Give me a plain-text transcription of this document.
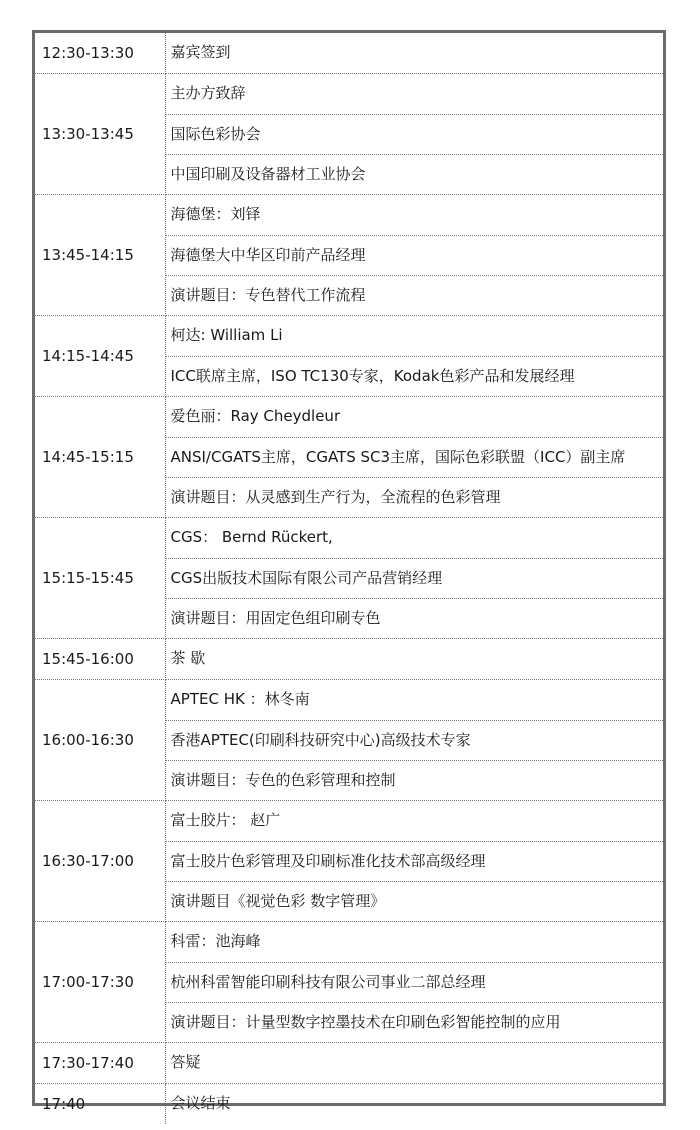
12:30-13:30	嘉宾签到

13:30-13:45	主办方致辞
国际色彩协会
中国印刷及设备器材工业协会

13:45-14:15	海德堡：刘铎
海德堡大中华区印前产品经理
演讲题目：专色替代工作流程

14:15-14:45	柯达: William Li
ICC联席主席，ISO TC130专家，Kodak色彩产品和发展经理

14:45-15:15	爱色丽：Ray Cheydleur
ANSI/CGATS主席，CGATS SC3主席，国际色彩联盟（ICC）副主席
演讲题目：从灵感到生产行为，全流程的色彩管理

15:15-15:45	CGS： Bernd Rückert,
CGS出版技术国际有限公司产品营销经理
演讲题目：用固定色组印刷专色

15:45-16:00	茶 歇

16:00-16:30	APTEC HK ：林冬南
香港APTEC(印刷科技研究中心)高级技术专家
演讲题目：专色的色彩管理和控制

16:30-17:00	富士胶片： 赵广
富士胶片色彩管理及印刷标准化技术部高级经理
演讲题目《视觉色彩 数字管理》

17:00-17:30	科雷：池海峰
杭州科雷智能印刷科技有限公司事业二部总经理
演讲题目：计量型数字控墨技术在印刷色彩智能控制的应用

17:30-17:40	答疑

17:40	会议结束
